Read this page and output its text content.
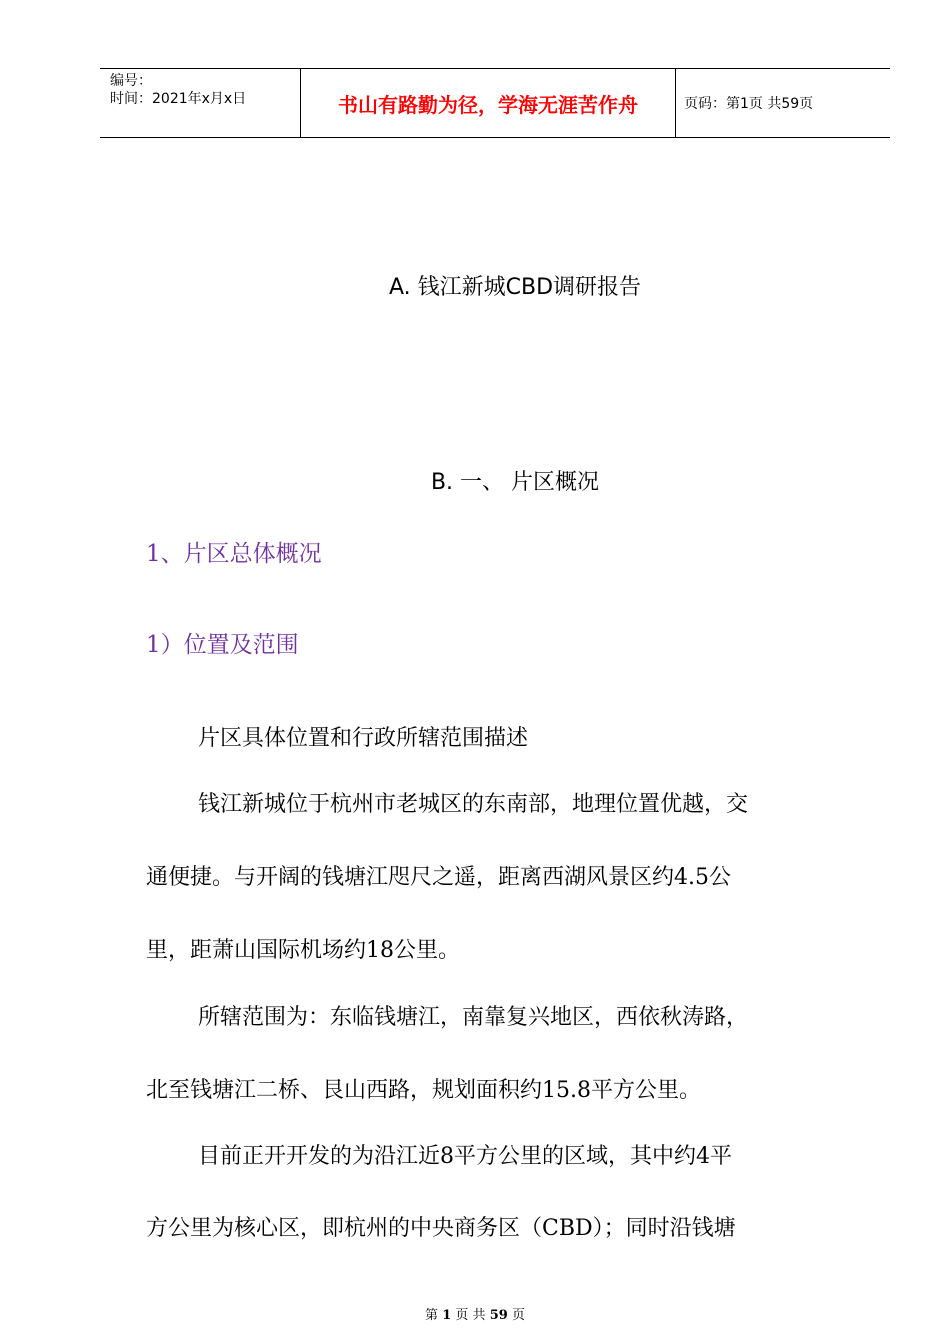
编号：
时间：2021年x月x日	书山有路勤为径，学海无涯苦作舟	页码：第1页 共59页
A. 钱江新城CBD调研报告
B. 一、 片区概况
1、片区总体概况
1）位置及范围
片区具体位置和行政所辖范围描述
钱江新城位于杭州市老城区的东南部，地理位置优越，交
通便捷。与开阔的钱塘江咫尺之遥，距离西湖风景区约4.5公
里，距萧山国际机场约18公里。
所辖范围为：东临钱塘江，南靠复兴地区，西依秋涛路，
北至钱塘江二桥、艮山西路，规划面积约15.8平方公里。
目前正开开发的为沿江近8平方公里的区域，其中约4平
方公里为核心区，即杭州的中央商务区（CBD）；同时沿钱塘
第 1 页 共 59 页
